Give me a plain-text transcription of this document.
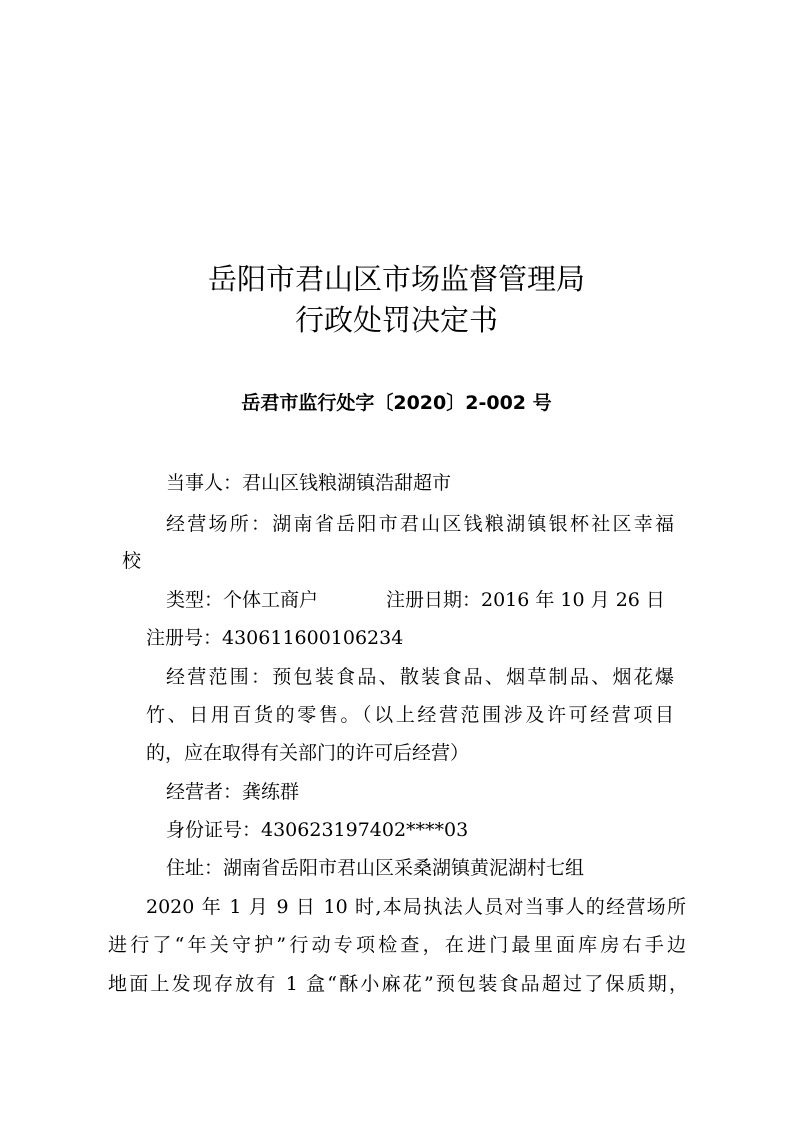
岳阳市君山区市场监督管理局
行政处罚决定书
岳君市监行处字〔2020〕2-002 号
当事人：君山区钱粮湖镇浩甜超市
经营场所：湖南省岳阳市君山区钱粮湖镇银杯社区幸福
校
类型：个体工商户	注册日期：2016 年 10 月 26 日
注册号：430611600106234
经营范围：预包装食品、散装食品、烟草制品、烟花爆
竹、日用百货的零售。（以上经营范围涉及许可经营项目
的，应在取得有关部门的许可后经营）
经营者：龚练群
身份证号：430623197402****03
住址：湖南省岳阳市君山区采桑湖镇黄泥湖村七组
2020 年 1 月 9 日 10 时,本局执法人员对当事人的经营场所
进行了“年关守护”行动专项检查，在进门最里面库房右手边
地面上发现存放有 1 盒“酥小麻花”预包装食品超过了保质期，
